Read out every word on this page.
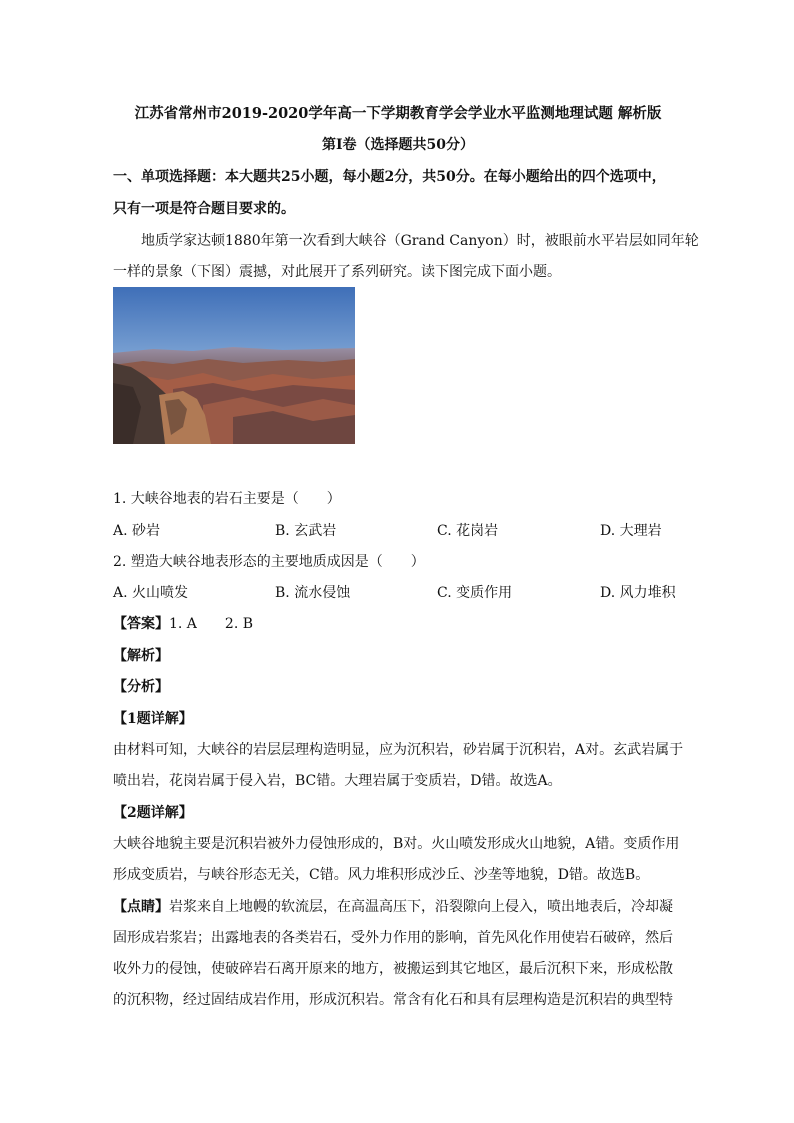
江苏省常州市2019-2020学年高一下学期教育学会学业水平监测地理试题 解析版
第Ⅰ卷（选择题共50分）
一、单项选择题：本大题共25小题，每小题2分，共50分。在每小题给出的四个选项中，
只有一项是符合题目要求的。
地质学家达顿1880年第一次看到大峡谷（Grand Canyon）时，被眼前水平岩层如同年轮
一样的景象（下图）震撼，对此展开了系列研究。读下图完成下面小题。
1. 大峡谷地表的岩石主要是（　　）
A. 砂岩	B. 玄武岩	C. 花岗岩	D. 大理岩
2. 塑造大峡谷地表形态的主要地质成因是（　　）
A. 火山喷发	B. 流水侵蚀	C. 变质作用	D. 风力堆积
【答案】1. A　　2. B
【解析】
【分析】
【1题详解】
由材料可知，大峡谷的岩层层理构造明显，应为沉积岩，砂岩属于沉积岩，A对。玄武岩属于
喷出岩，花岗岩属于侵入岩，BC错。大理岩属于变质岩，D错。故选A。
【2题详解】
大峡谷地貌主要是沉积岩被外力侵蚀形成的，B对。火山喷发形成火山地貌，A错。变质作用
形成变质岩，与峡谷形态无关，C错。风力堆积形成沙丘、沙垄等地貌，D错。故选B。
【点睛】岩浆来自上地幔的软流层，在高温高压下，沿裂隙向上侵入，喷出地表后，冷却凝
固形成岩浆岩；出露地表的各类岩石，受外力作用的影响，首先风化作用使岩石破碎，然后
收外力的侵蚀，使破碎岩石离开原来的地方，被搬运到其它地区，最后沉积下来，形成松散
的沉积物，经过固结成岩作用，形成沉积岩。常含有化石和具有层理构造是沉积岩的典型特
